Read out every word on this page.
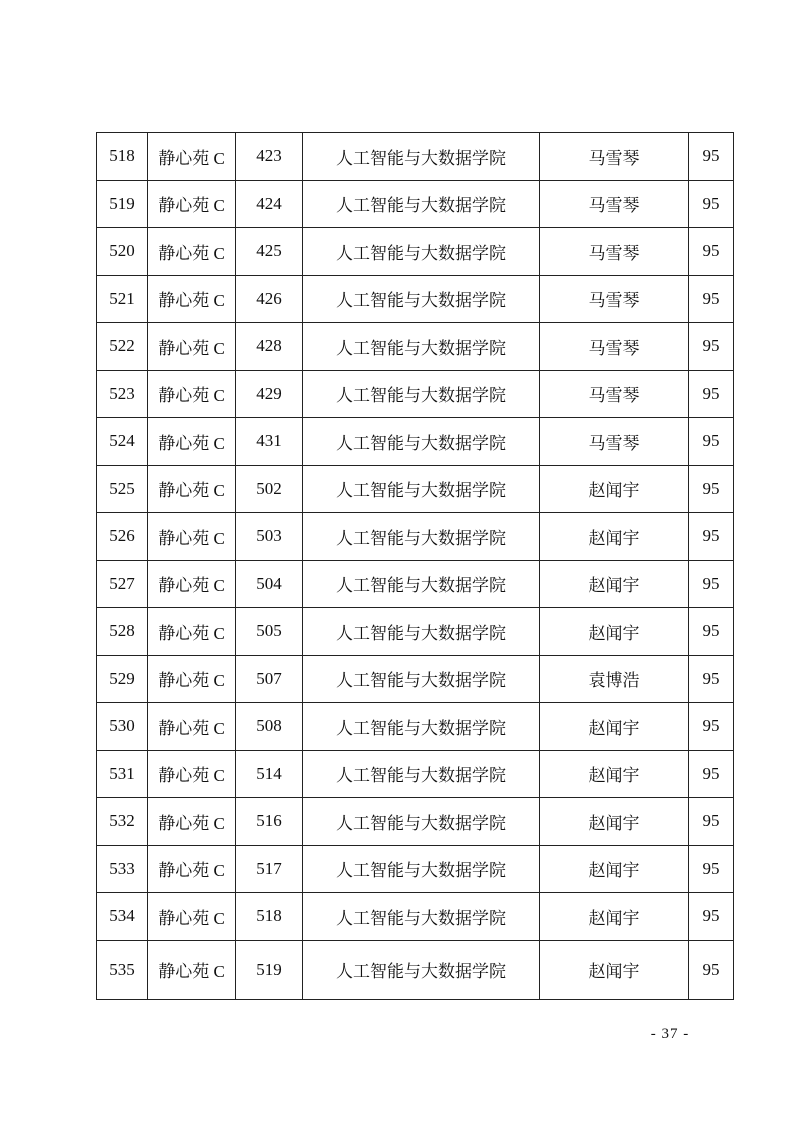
518	静心苑 C	423	人工智能与大数据学院	马雪琴	95
519	静心苑 C	424	人工智能与大数据学院	马雪琴	95
520	静心苑 C	425	人工智能与大数据学院	马雪琴	95
521	静心苑 C	426	人工智能与大数据学院	马雪琴	95
522	静心苑 C	428	人工智能与大数据学院	马雪琴	95
523	静心苑 C	429	人工智能与大数据学院	马雪琴	95
524	静心苑 C	431	人工智能与大数据学院	马雪琴	95
525	静心苑 C	502	人工智能与大数据学院	赵闻宇	95
526	静心苑 C	503	人工智能与大数据学院	赵闻宇	95
527	静心苑 C	504	人工智能与大数据学院	赵闻宇	95
528	静心苑 C	505	人工智能与大数据学院	赵闻宇	95
529	静心苑 C	507	人工智能与大数据学院	袁博浩	95
530	静心苑 C	508	人工智能与大数据学院	赵闻宇	95
531	静心苑 C	514	人工智能与大数据学院	赵闻宇	95
532	静心苑 C	516	人工智能与大数据学院	赵闻宇	95
533	静心苑 C	517	人工智能与大数据学院	赵闻宇	95
534	静心苑 C	518	人工智能与大数据学院	赵闻宇	95
535	静心苑 C	519	人工智能与大数据学院	赵闻宇	95
- 37 -
